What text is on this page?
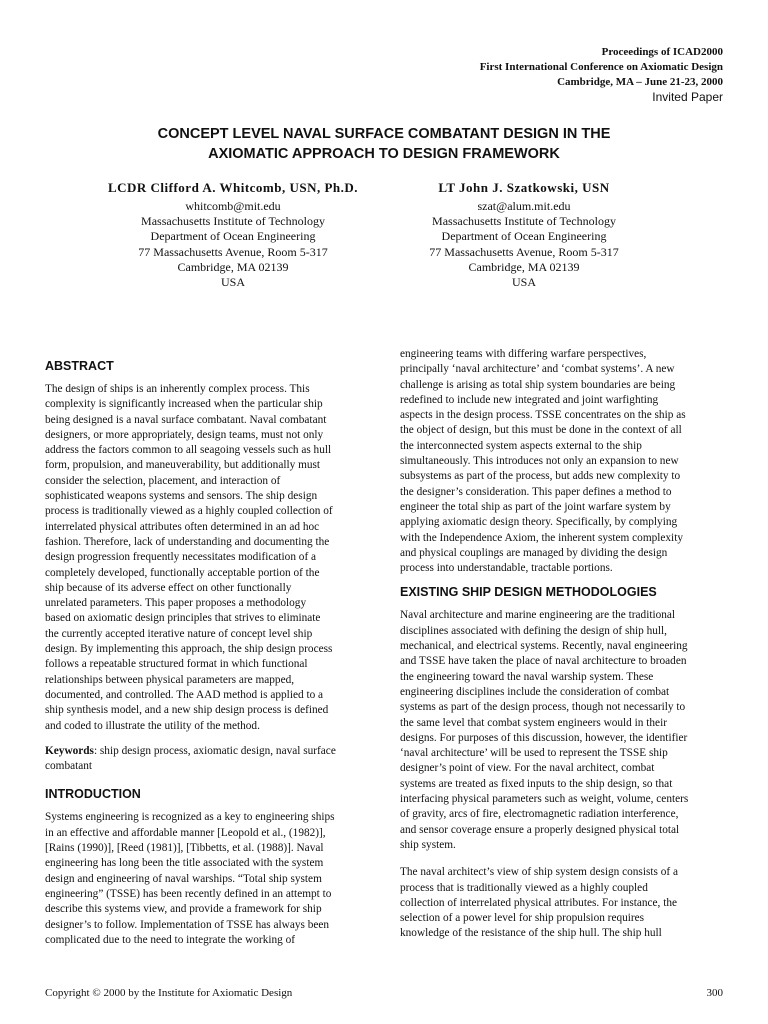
Proceedings of ICAD2000
First International Conference on Axiomatic Design
Cambridge, MA – June 21-23, 2000
Invited Paper
CONCEPT LEVEL NAVAL SURFACE COMBATANT DESIGN IN THE
AXIOMATIC APPROACH TO DESIGN FRAMEWORK
LCDR Clifford A. Whitcomb, USN, Ph.D.
whitcomb@mit.edu
Massachusetts Institute of Technology
Department of Ocean Engineering
77 Massachusetts Avenue, Room 5-317
Cambridge, MA 02139
USA
LT John J. Szatkowski, USN
szat@alum.mit.edu
Massachusetts Institute of Technology
Department of Ocean Engineering
77 Massachusetts Avenue, Room 5-317
Cambridge, MA 02139
USA
ABSTRACT
The design of ships is an inherently complex process. This
complexity is significantly increased when the particular ship
being designed is a naval surface combatant. Naval combatant
designers, or more appropriately, design teams, must not only
address the factors common to all seagoing vessels such as hull
form, propulsion, and maneuverability, but additionally must
consider the selection, placement, and interaction of
sophisticated weapons systems and sensors. The ship design
process is traditionally viewed as a highly coupled collection of
interrelated physical attributes often determined in an ad hoc
fashion. Therefore, lack of understanding and documenting the
design progression frequently necessitates modification of a
completely developed, functionally acceptable portion of the
ship because of its adverse effect on other functionally
unrelated parameters. This paper proposes a methodology
based on axiomatic design principles that strives to eliminate
the currently accepted iterative nature of concept level ship
design. By implementing this approach, the ship design process
follows a repeatable structured format in which functional
relationships between physical parameters are mapped,
documented, and controlled. The AAD method is applied to a
ship synthesis model, and a new ship design process is defined
and coded to illustrate the utility of the method.
Keywords: ship design process, axiomatic design, naval surface
combatant
INTRODUCTION
Systems engineering is recognized as a key to engineering ships
in an effective and affordable manner [Leopold et al., (1982)],
[Rains (1990)], [Reed (1981)], [Tibbetts, et al. (1988)]. Naval
engineering has long been the title associated with the system
design and engineering of naval warships. “Total ship system
engineering” (TSSE) has been recently defined in an attempt to
describe this systems view, and provide a framework for ship
designer’s to follow. Implementation of TSSE has always been
complicated due to the need to integrate the working of
engineering teams with differing warfare perspectives,
principally ‘naval architecture’ and ‘combat systems’. A new
challenge is arising as total ship system boundaries are being
redefined to include new integrated and joint warfighting
aspects in the design process. TSSE concentrates on the ship as
the object of design, but this must be done in the context of all
the interconnected system aspects external to the ship
simultaneously. This introduces not only an expansion to new
subsystems as part of the process, but adds new complexity to
the designer’s consideration. This paper defines a method to
engineer the total ship as part of the joint warfare system by
applying axiomatic design theory. Specifically, by complying
with the Independence Axiom, the inherent system complexity
and physical couplings are managed by dividing the design
process into understandable, tractable portions.
EXISTING SHIP DESIGN METHODOLOGIES
Naval architecture and marine engineering are the traditional
disciplines associated with defining the design of ship hull,
mechanical, and electrical systems. Recently, naval engineering
and TSSE have taken the place of naval architecture to broaden
the engineering toward the naval warship system. These
engineering disciplines include the consideration of combat
systems as part of the design process, though not necessarily to
the same level that combat system engineers would in their
designs. For purposes of this discussion, however, the identifier
‘naval architecture’ will be used to represent the TSSE ship
designer’s point of view. For the naval architect, combat
systems are treated as fixed inputs to the ship design, so that
interfacing physical parameters such as weight, volume, centers
of gravity, arcs of fire, electromagnetic radiation interference,
and sensor coverage ensure a properly designed physical total
ship system.
The naval architect’s view of ship system design consists of a
process that is traditionally viewed as a highly coupled
collection of interrelated physical attributes. For instance, the
selection of a power level for ship propulsion requires
knowledge of the resistance of the ship hull. The ship hull
Copyright © 2000 by the Institute for Axiomatic Design	300
